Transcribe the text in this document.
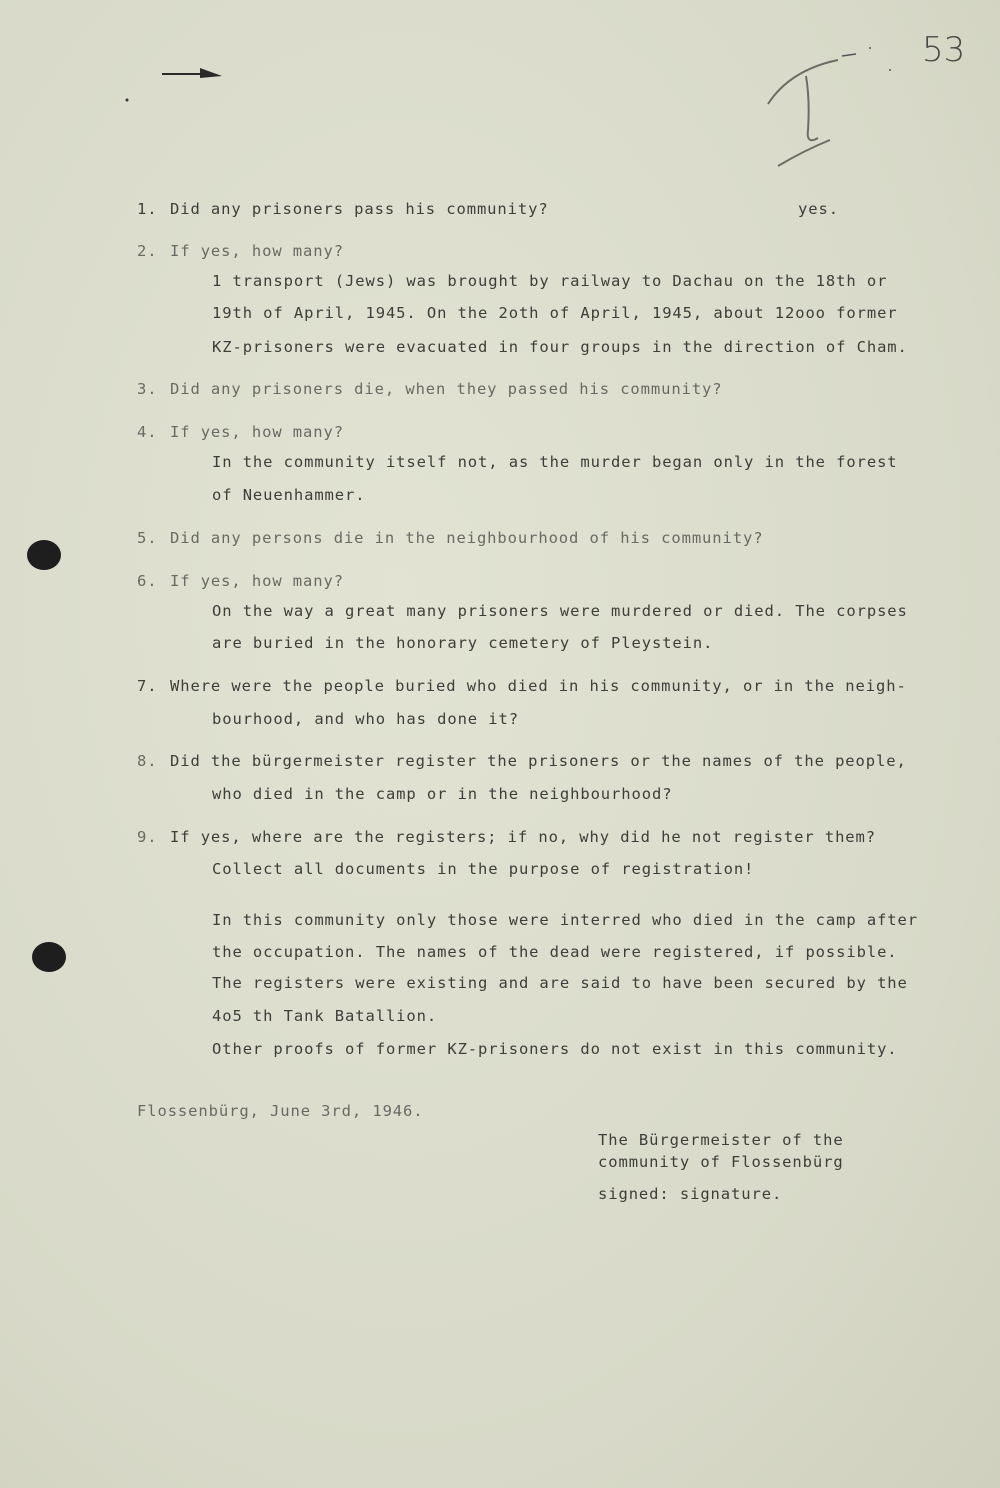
53
1. Did any prisoners pass his community?	yes.
2. If yes, how many?
1 transport (Jews) was brought by railway to Dachau on the 18th or
19th of April, 1945. On the 2oth of April, 1945, about 12ooo former
KZ-prisoners were evacuated in four groups in the direction of Cham.
3. Did any prisoners die, when they passed his community?
4. If yes, how many?
In the community itself not, as the murder began only in the forest
of Neuenhammer.
5. Did any persons die in the neighbourhood of his community?
6. If yes, how many?
On the way a great many prisoners were murdered or died. The corpses
are buried in the honorary cemetery of Pleystein.
7. Where were the people buried who died in his community, or in the neigh-
bourhood, and who has done it?
8. Did the bürgermeister register the prisoners or the names of the people,
who died in the camp or in the neighbourhood?
9. If yes, where are the registers; if no, why did he not register them?
Collect all documents in the purpose of registration!
In this community only those were interred who died in the camp after
the occupation. The names of the dead were registered, if possible.
The registers were existing and are said to have been secured by the
4o5 th Tank Batallion.
Other proofs of former KZ-prisoners do not exist in this community.
Flossenbürg, June 3rd, 1946.
The Bürgermeister of the
community of Flossenbürg
signed: signature.
